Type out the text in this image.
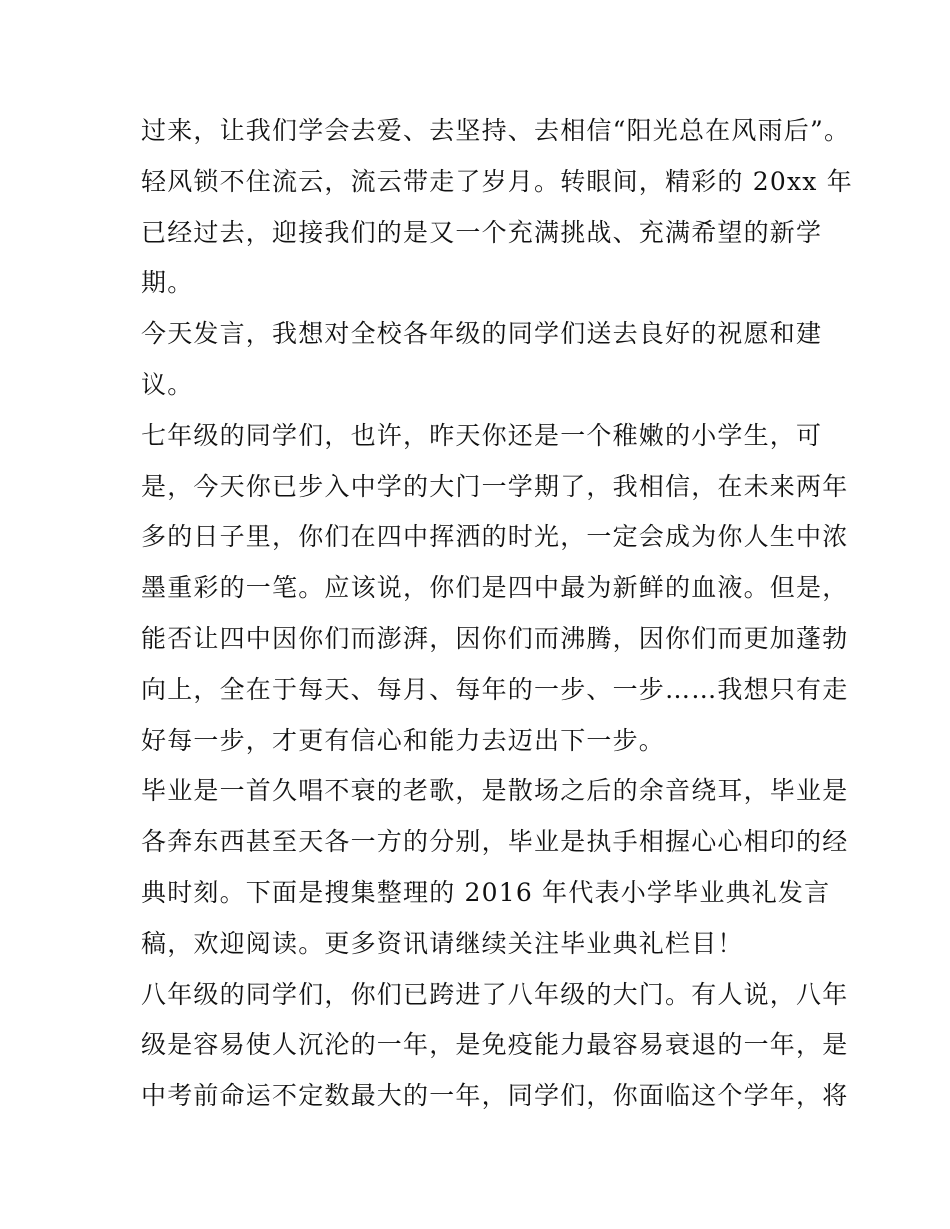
过来，让我们学会去爱、去坚持、去相信“阳光总在风雨后”。
轻风锁不住流云，流云带走了岁月。转眼间，精彩的 20xx 年
已经过去，迎接我们的是又一个充满挑战、充满希望的新学
期。
今天发言，我想对全校各年级的同学们送去良好的祝愿和建
议。
七年级的同学们，也许，昨天你还是一个稚嫩的小学生，可
是，今天你已步入中学的大门一学期了，我相信，在未来两年
多的日子里，你们在四中挥洒的时光，一定会成为你人生中浓
墨重彩的一笔。应该说，你们是四中最为新鲜的血液。但是，
能否让四中因你们而澎湃，因你们而沸腾，因你们而更加蓬勃
向上，全在于每天、每月、每年的一步、一步……我想只有走
好每一步，才更有信心和能力去迈出下一步。
毕业是一首久唱不衰的老歌，是散场之后的余音绕耳，毕业是
各奔东西甚至天各一方的分别，毕业是执手相握心心相印的经
典时刻。下面是搜集整理的 2016 年代表小学毕业典礼发言
稿，欢迎阅读。更多资讯请继续关注毕业典礼栏目！
八年级的同学们，你们已跨进了八年级的大门。有人说，八年
级是容易使人沉沦的一年，是免疫能力最容易衰退的一年，是
中考前命运不定数最大的一年，同学们，你面临这个学年，将
